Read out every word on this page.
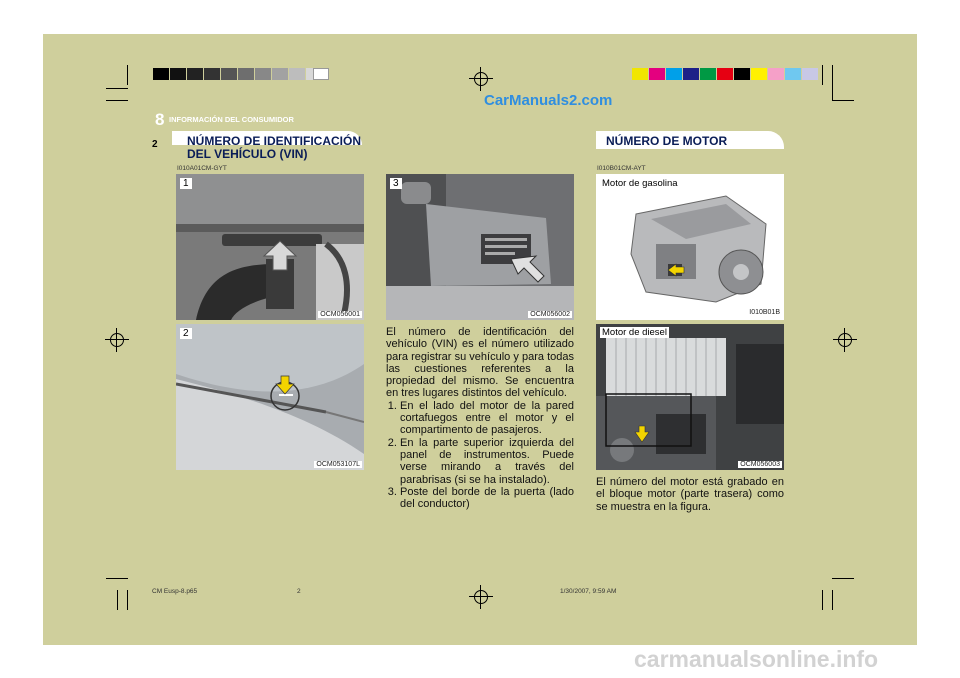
CarManuals2.com
8 INFORMACIÓN DEL CONSUMIDOR
2 NÚMERO DE IDENTIFICACIÓN DEL VEHÍCULO (VIN)
I010A01CM-GYT
1
OCM056001
2
OCM053107L
3
OCM056002

El número de identificación del vehículo (VIN) es el número utilizado para registrar su vehículo y para todas las cuestiones referentes a la propiedad del mismo. Se encuentra en tres lugares distintos del vehículo.

1. En el lado del motor de la pared cortafuegos entre el motor y el compartimento de pasajeros.
2. En la parte superior izquierda del panel de instrumentos. Puede verse mirando a través del parabrisas (si se ha instalado).
3. Poste del borde de la puerta (lado del conductor)
NÚMERO DE MOTOR
I010B01CM-AYT
Motor de gasolina
I010B01B
Motor de diesel
OCM056003
El número del motor está grabado en el bloque motor (parte trasera) como se muestra en la figura.
CM Eusp-8.p65	2	1/30/2007, 9:59 AM
carmanualsonline.info
